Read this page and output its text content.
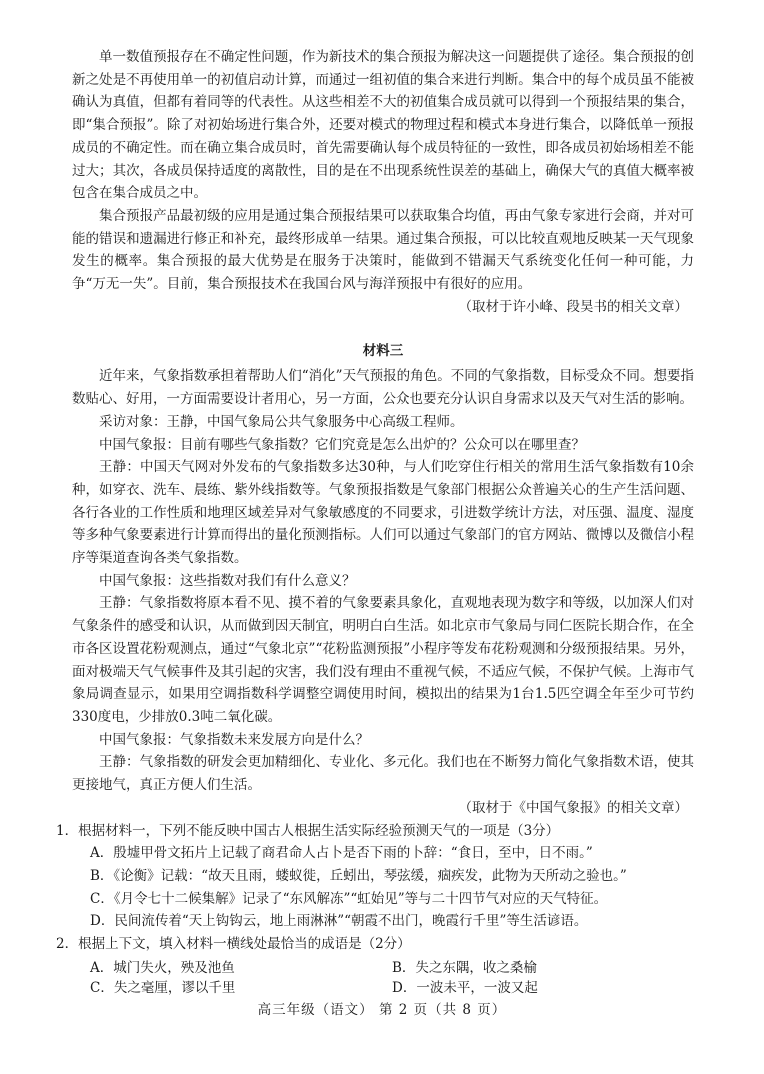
单一数值预报存在不确定性问题，作为新技术的集合预报为解决这一问题提供了途径。集合预报的创新之处是不再使用单一的初值启动计算，而通过一组初值的集合来进行判断。集合中的每个成员虽不能被确认为真值，但都有着同等的代表性。从这些相差不大的初值集合成员就可以得到一个预报结果的集合，即“集合预报”。除了对初始场进行集合外，还要对模式的物理过程和模式本身进行集合，以降低单一预报成员的不确定性。而在确立集合成员时，首先需要确认每个成员特征的一致性，即各成员初始场相差不能过大；其次，各成员保持适度的离散性，目的是在不出现系统性误差的基础上，确保大气的真值大概率被包含在集合成员之中。

集合预报产品最初级的应用是通过集合预报结果可以获取集合均值，再由气象专家进行会商，并对可能的错误和遗漏进行修正和补充，最终形成单一结果。通过集合预报，可以比较直观地反映某一天气现象发生的概率。集合预报的最大优势是在服务于决策时，能做到不错漏天气系统变化任何一种可能，力争“万无一失”。目前，集合预报技术在我国台风与海洋预报中有很好的应用。

（取材于许小峰、段昊书的相关文章）

材料三

近年来，气象指数承担着帮助人们“消化”天气预报的角色。不同的气象指数，目标受众不同。想要指数贴心、好用，一方面需要设计者用心，另一方面，公众也要充分认识自身需求以及天气对生活的影响。

采访对象：王静，中国气象局公共气象服务中心高级工程师。

中国气象报：目前有哪些气象指数？它们究竟是怎么出炉的？公众可以在哪里查？

王静：中国天气网对外发布的气象指数多达30种，与人们吃穿住行相关的常用生活气象指数有10余种，如穿衣、洗车、晨练、紫外线指数等。气象预报指数是气象部门根据公众普遍关心的生产生活问题、各行各业的工作性质和地理区域差异对气象敏感度的不同要求，引进数学统计方法，对压强、温度、湿度等多种气象要素进行计算而得出的量化预测指标。人们可以通过气象部门的官方网站、微博以及微信小程序等渠道查询各类气象指数。

中国气象报：这些指数对我们有什么意义？

王静：气象指数将原本看不见、摸不着的气象要素具象化，直观地表现为数字和等级，以加深人们对气象条件的感受和认识，从而做到因天制宜，明明白白生活。如北京市气象局与同仁医院长期合作，在全市各区设置花粉观测点，通过“气象北京”“花粉监测预报”小程序等发布花粉观测和分级预报结果。另外，面对极端天气气候事件及其引起的灾害，我们没有理由不重视气候，不适应气候，不保护气候。上海市气象局调查显示，如果用空调指数科学调整空调使用时间，模拟出的结果为1台1.5匹空调全年至少可节约330度电，少排放0.3吨二氧化碳。

中国气象报：气象指数未来发展方向是什么？

王静：气象指数的研发会更加精细化、专业化、多元化。我们也在不断努力简化气象指数术语，使其更接地气，真正方便人们生活。

（取材于《中国气象报》的相关文章）

1．根据材料一，下列不能反映中国古人根据生活实际经验预测天气的一项是（3分）

A．殷墟甲骨文拓片上记载了商君命人占卜是否下雨的卜辞：“食日，至中，日不雨。”

B．《论衡》记载：“故天且雨，蝼蚁徙，丘蚓出，琴弦缓，痼疾发，此物为天所动之验也。”

C．《月令七十二候集解》记录了“东风解冻”“虹始见”等与二十四节气对应的天气特征。

D．民间流传着“天上钩钩云，地上雨淋淋”“朝霞不出门，晚霞行千里”等生活谚语。

2．根据上下文，填入材料一横线处最恰当的成语是（2分）

A．城门失火，殃及池鱼	B．失之东隅，收之桑榆
C．失之毫厘，谬以千里	D．一波未平，一波又起
高三年级（语文） 第 2 页（共 8 页）
